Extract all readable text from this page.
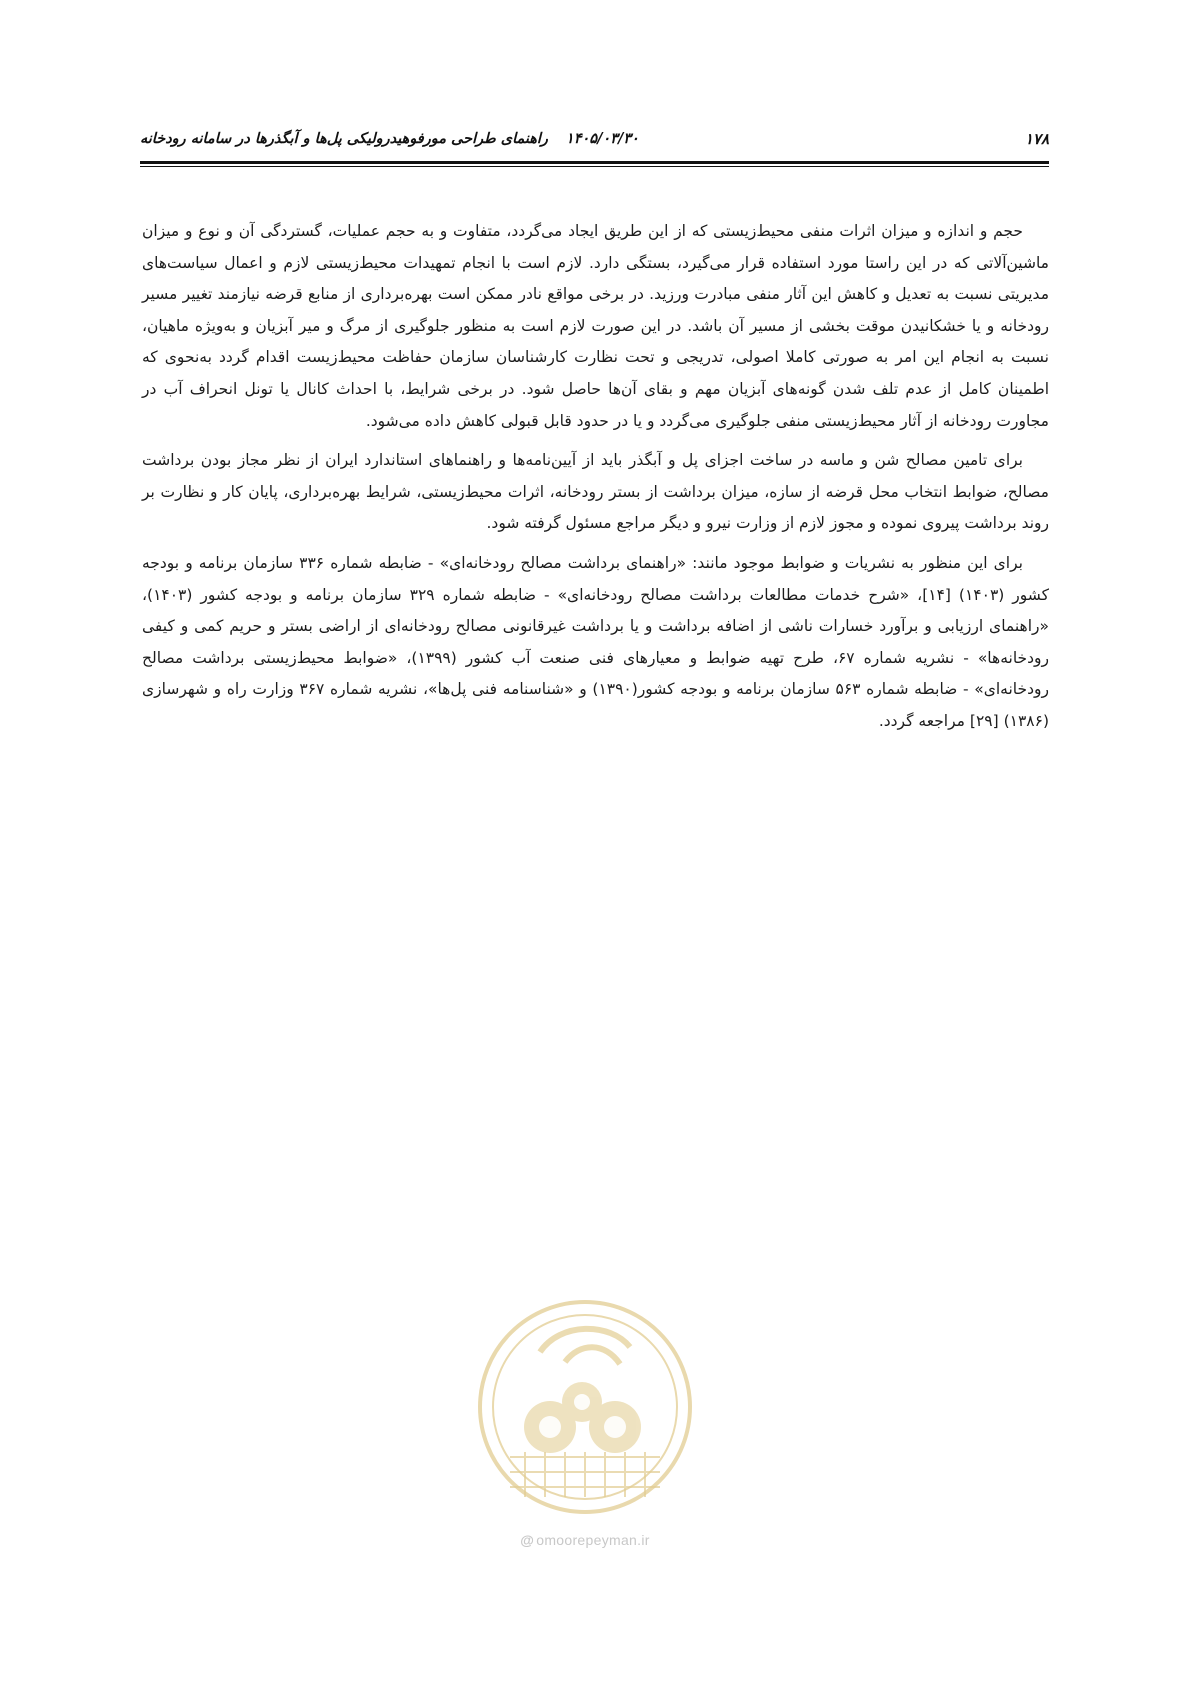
۱۷۸
۱۴۰۵/۰۳/۳۰راهنمای طراحی مورفوهیدرولیکی پل‌ها و آبگذرها در سامانه رودخانه

حجم و اندازه و میزان اثرات منفی محیط‌زیستی که از این طریق ایجاد می‌گردد، متفاوت و به حجم عملیات، گستردگی آن و نوع و میزان ماشین‌آلاتی که در این راستا مورد استفاده قرار می‌گیرد، بستگی دارد. لازم است با انجام تمهیدات محیط‌زیستی لازم و اعمال سیاست‌های مدیریتی نسبت به تعدیل و کاهش این آثار منفی مبادرت ورزید. در برخی مواقع نادر ممکن است بهره‌برداری از منابع قرضه نیازمند تغییر مسیر رودخانه و یا خشکانیدن موقت بخشی از مسیر آن باشد. در این صورت لازم است به منظور جلوگیری از مرگ و میر آبزیان و به‌ویژه ماهیان، نسبت به انجام این امر به صورتی کاملا اصولی، تدریجی و تحت نظارت کارشناسان سازمان حفاظت محیط‌زیست اقدام گردد به‌نحوی که اطمینان کامل از عدم تلف شدن گونه‌های آبزیان مهم و بقای آن‌ها حاصل شود. در برخی شرایط، با احداث کانال یا تونل انحراف آب در مجاورت رودخانه از آثار محیط‌زیستی منفی جلوگیری می‌گردد و یا در حدود قابل قبولی کاهش داده می‌شود.

برای تامین مصالح شن و ماسه در ساخت اجزای پل و آبگذر باید از آیین‌نامه‌ها و راهنماهای استاندارد ایران از نظر مجاز بودن برداشت مصالح، ضوابط انتخاب محل قرضه از سازه، میزان برداشت از بستر رودخانه، اثرات محیط‌زیستی، شرایط بهره‌برداری، پایان کار و نظارت بر روند برداشت پیروی نموده و مجوز لازم از وزارت نیرو و دیگر مراجع مسئول گرفته شود.

برای این منظور به نشریات و ضوابط موجود مانند: «راهنمای برداشت مصالح رودخانه‌ای» - ضابطه شماره ۳۳۶ سازمان برنامه و بودجه کشور (۱۴۰۳) [۱۴]، «شرح خدمات مطالعات برداشت مصالح رودخانه‌ای» - ضابطه شماره ۳۲۹ سازمان برنامه و بودجه کشور (۱۴۰۳)، «راهنمای ارزیابی و برآورد خسارات ناشی از اضافه برداشت و یا برداشت غیرقانونی مصالح رودخانه‌ای از اراضی بستر و حریم کمی و کیفی رودخانه‌ها» - نشریه شماره ۶۷، طرح تهیه ضوابط و معیارهای فنی صنعت آب کشور (۱۳۹۹)، «ضوابط محیط‌زیستی برداشت مصالح رودخانه‌ای» - ضابطه شماره ۵۶۳ سازمان برنامه و بودجه کشور(۱۳۹۰) و «شناسنامه فنی پل‌ها»، نشریه شماره ۳۶۷ وزارت راه و شهرسازی (۱۳۸۶) [۲۹] مراجعه گردد.

@ omoorepeyman.ir
